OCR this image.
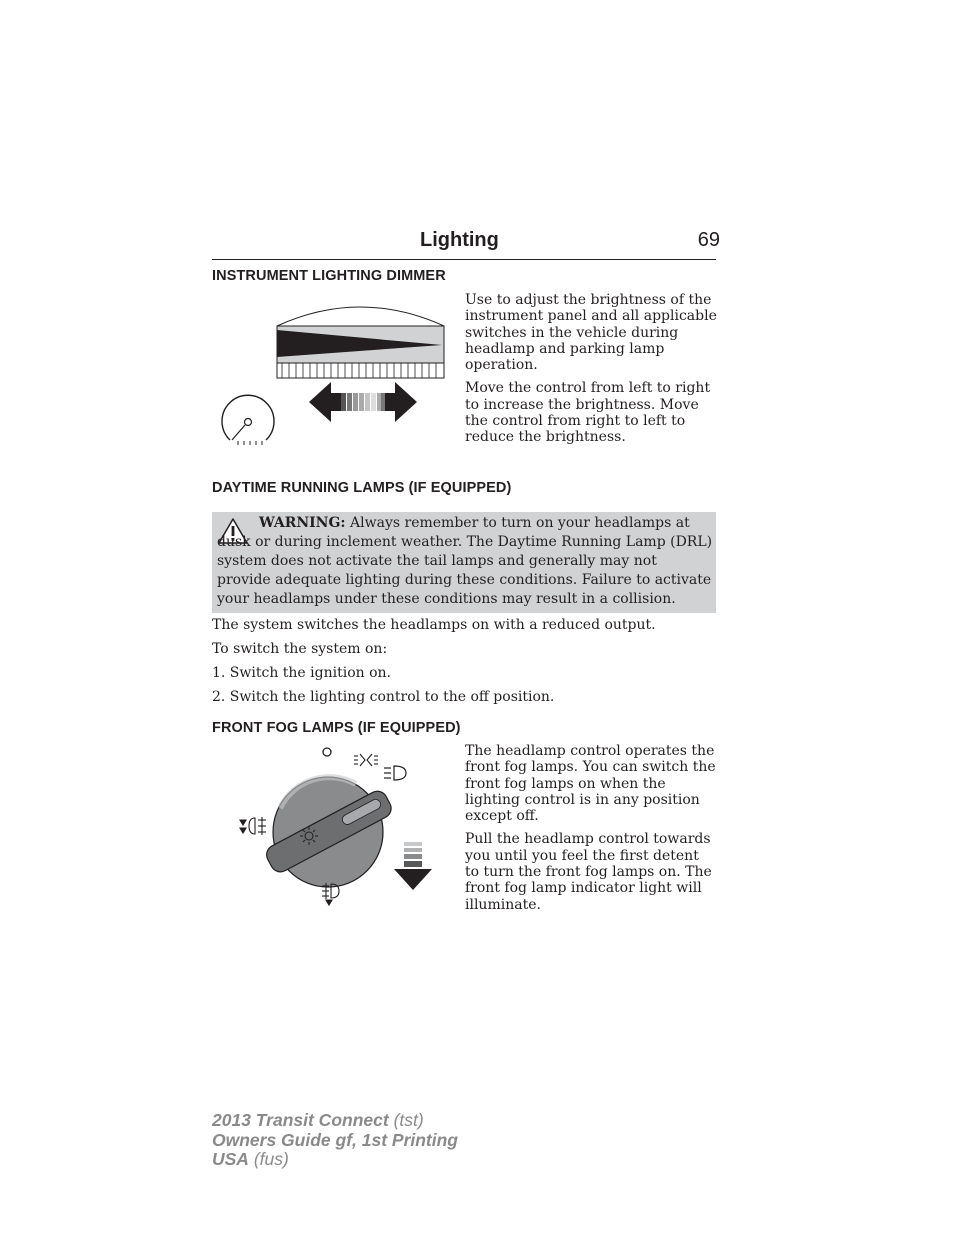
Lighting	69
INSTRUMENT LIGHTING DIMMER

Use to adjust the brightness of the instrument panel and all applicable switches in the vehicle during headlamp and parking lamp operation.

Move the control from left to right to increase the brightness. Move the control from right to left to reduce the brightness.

DAYTIME RUNNING LAMPS (IF EQUIPPED)
WARNING: Always remember to turn on your headlamps at dusk or during inclement weather. The Daytime Running Lamp (DRL) system does not activate the tail lamps and generally may not provide adequate lighting during these conditions. Failure to activate your headlamps under these conditions may result in a collision.
The system switches the headlamps on with a reduced output.
To switch the system on:
1. Switch the ignition on.
2. Switch the lighting control to the off position.
FRONT FOG LAMPS (IF EQUIPPED)

The headlamp control operates the front fog lamps. You can switch the front fog lamps on when the lighting control is in any position except off.

Pull the headlamp control towards you until you feel the first detent to turn the front fog lamps on. The front fog lamp indicator light will illuminate.

2013 Transit Connect (tst)
Owners Guide gf, 1st Printing
USA (fus)
